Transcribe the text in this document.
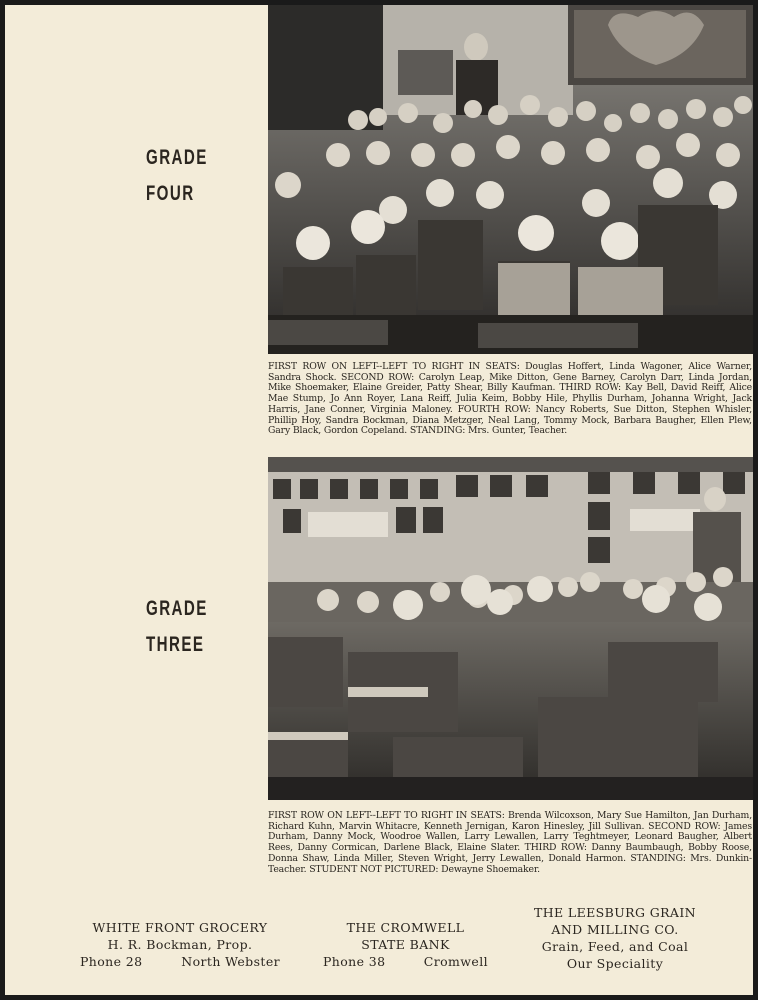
GRADE
FOUR
FIRST ROW ON LEFT--LEFT TO RIGHT IN SEATS: Douglas Hoffert, Linda Wagoner, Alice Warner, Sandra Shock. SECOND ROW: Carolyn Leap, Mike Ditton, Gene Barney, Carolyn Darr, Linda Jordan, Mike Shoemaker, Elaine Greider, Patty Shear, Billy Kaufman. THIRD ROW: Kay Bell, David Reiff, Alice Mae Stump, Jo Ann Royer, Lana Reiff, Julia Keim, Bobby Hile, Phyllis Durham, Johanna Wright, Jack Harris, Jane Conner, Virginia Maloney. FOURTH ROW: Nancy Roberts, Sue Ditton, Stephen Whisler, Phillip Hoy, Sandra Bockman, Diana Metzger, Neal Lang, Tommy Mock, Barbara Baugher, Ellen Plew, Gary Black, Gordon Copeland. STANDING: Mrs. Gunter, Teacher.
GRADE
THREE
FIRST ROW ON LEFT--LEFT TO RIGHT IN SEATS: Brenda Wilcoxson, Mary Sue Hamilton, Jan Durham, Richard Kuhn, Marvin Whitacre, Kenneth Jernigan, Karon Hinesley, Jill Sullivan. SECOND ROW: James Durham, Danny Mock, Woodroe Wallen, Larry Lewallen, Larry Teghtmeyer, Leonard Baugher, Albert Rees, Danny Cormican, Darlene Black, Elaine Slater. THIRD ROW: Danny Baumbaugh, Bobby Roose, Donna Shaw, Linda Miller, Steven Wright, Jerry Lewallen, Donald Harmon. STANDING: Mrs. Dunkin-Teacher. STUDENT NOT PICTURED: Dewayne Shoemaker.
WHITE FRONT GROCERY
H. R. Bockman, Prop.
Phone 28	North Webster
THE CROMWELL
STATE BANK
Phone 38	Cromwell
THE LEESBURG GRAIN
AND MILLING CO.
Grain, Feed, and Coal
Our Speciality
